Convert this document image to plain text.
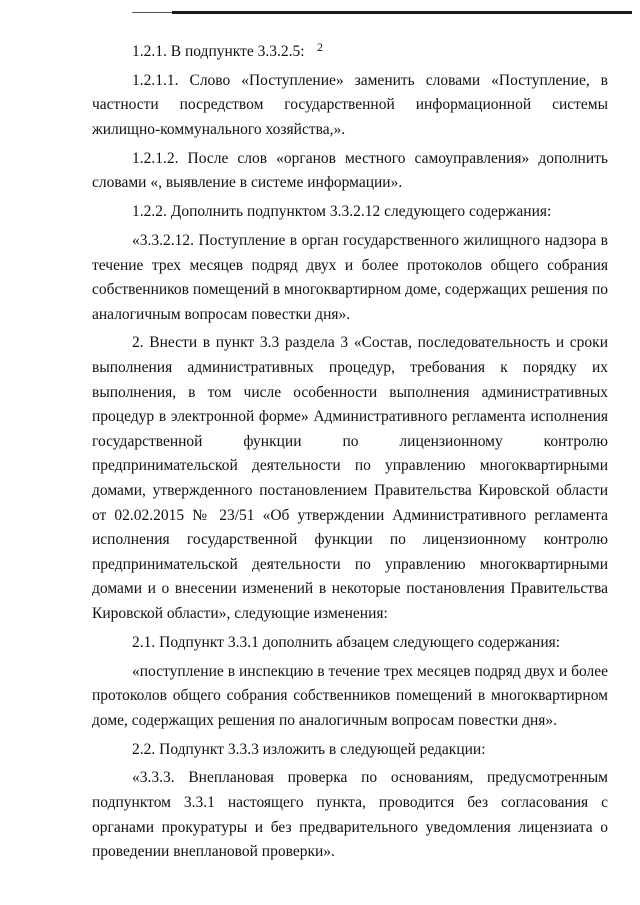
2

1.2.1. В подпункте 3.3.2.5:

1.2.1.1. Слово «Поступление» заменить словами «Поступление, в частности посредством государственной информационной системы жилищно-коммунального хозяйства,».

1.2.1.2. После слов «органов местного самоуправления» дополнить словами «, выявление в системе информации».

1.2.2. Дополнить подпунктом 3.3.2.12 следующего содержания:

«3.3.2.12. Поступление в орган государственного жилищного надзора в течение трех месяцев подряд двух и более протоколов общего собрания собственников помещений в многоквартирном доме, содержащих решения по аналогичным вопросам повестки дня».

2. Внести в пункт 3.3 раздела 3 «Состав, последовательность и сроки выполнения административных процедур, требования к порядку их выполнения, в том числе особенности выполнения административных процедур в электронной форме» Административного регламента исполнения государственной функции по лицензионному контролю предпринимательской деятельности по управлению многоквартирными домами, утвержденного постановлением Правительства Кировской области от 02.02.2015 № 23/51 «Об утверждении Административного регламента исполнения государственной функции по лицензионному контролю предпринимательской деятельности по управлению многоквартирными домами и о внесении изменений в некоторые постановления Правительства Кировской области», следующие изменения:

2.1. Подпункт 3.3.1 дополнить абзацем следующего содержания:

«поступление в инспекцию в течение трех месяцев подряд двух и более протоколов общего собрания собственников помещений в многоквартирном доме, содержащих решения по аналогичным вопросам повестки дня».

2.2. Подпункт 3.3.3 изложить в следующей редакции:

«3.3.3. Внеплановая проверка по основаниям, предусмотренным подпунктом 3.3.1 настоящего пункта, проводится без согласования с органами прокуратуры и без предварительного уведомления лицензиата о проведении внеплановой проверки».
